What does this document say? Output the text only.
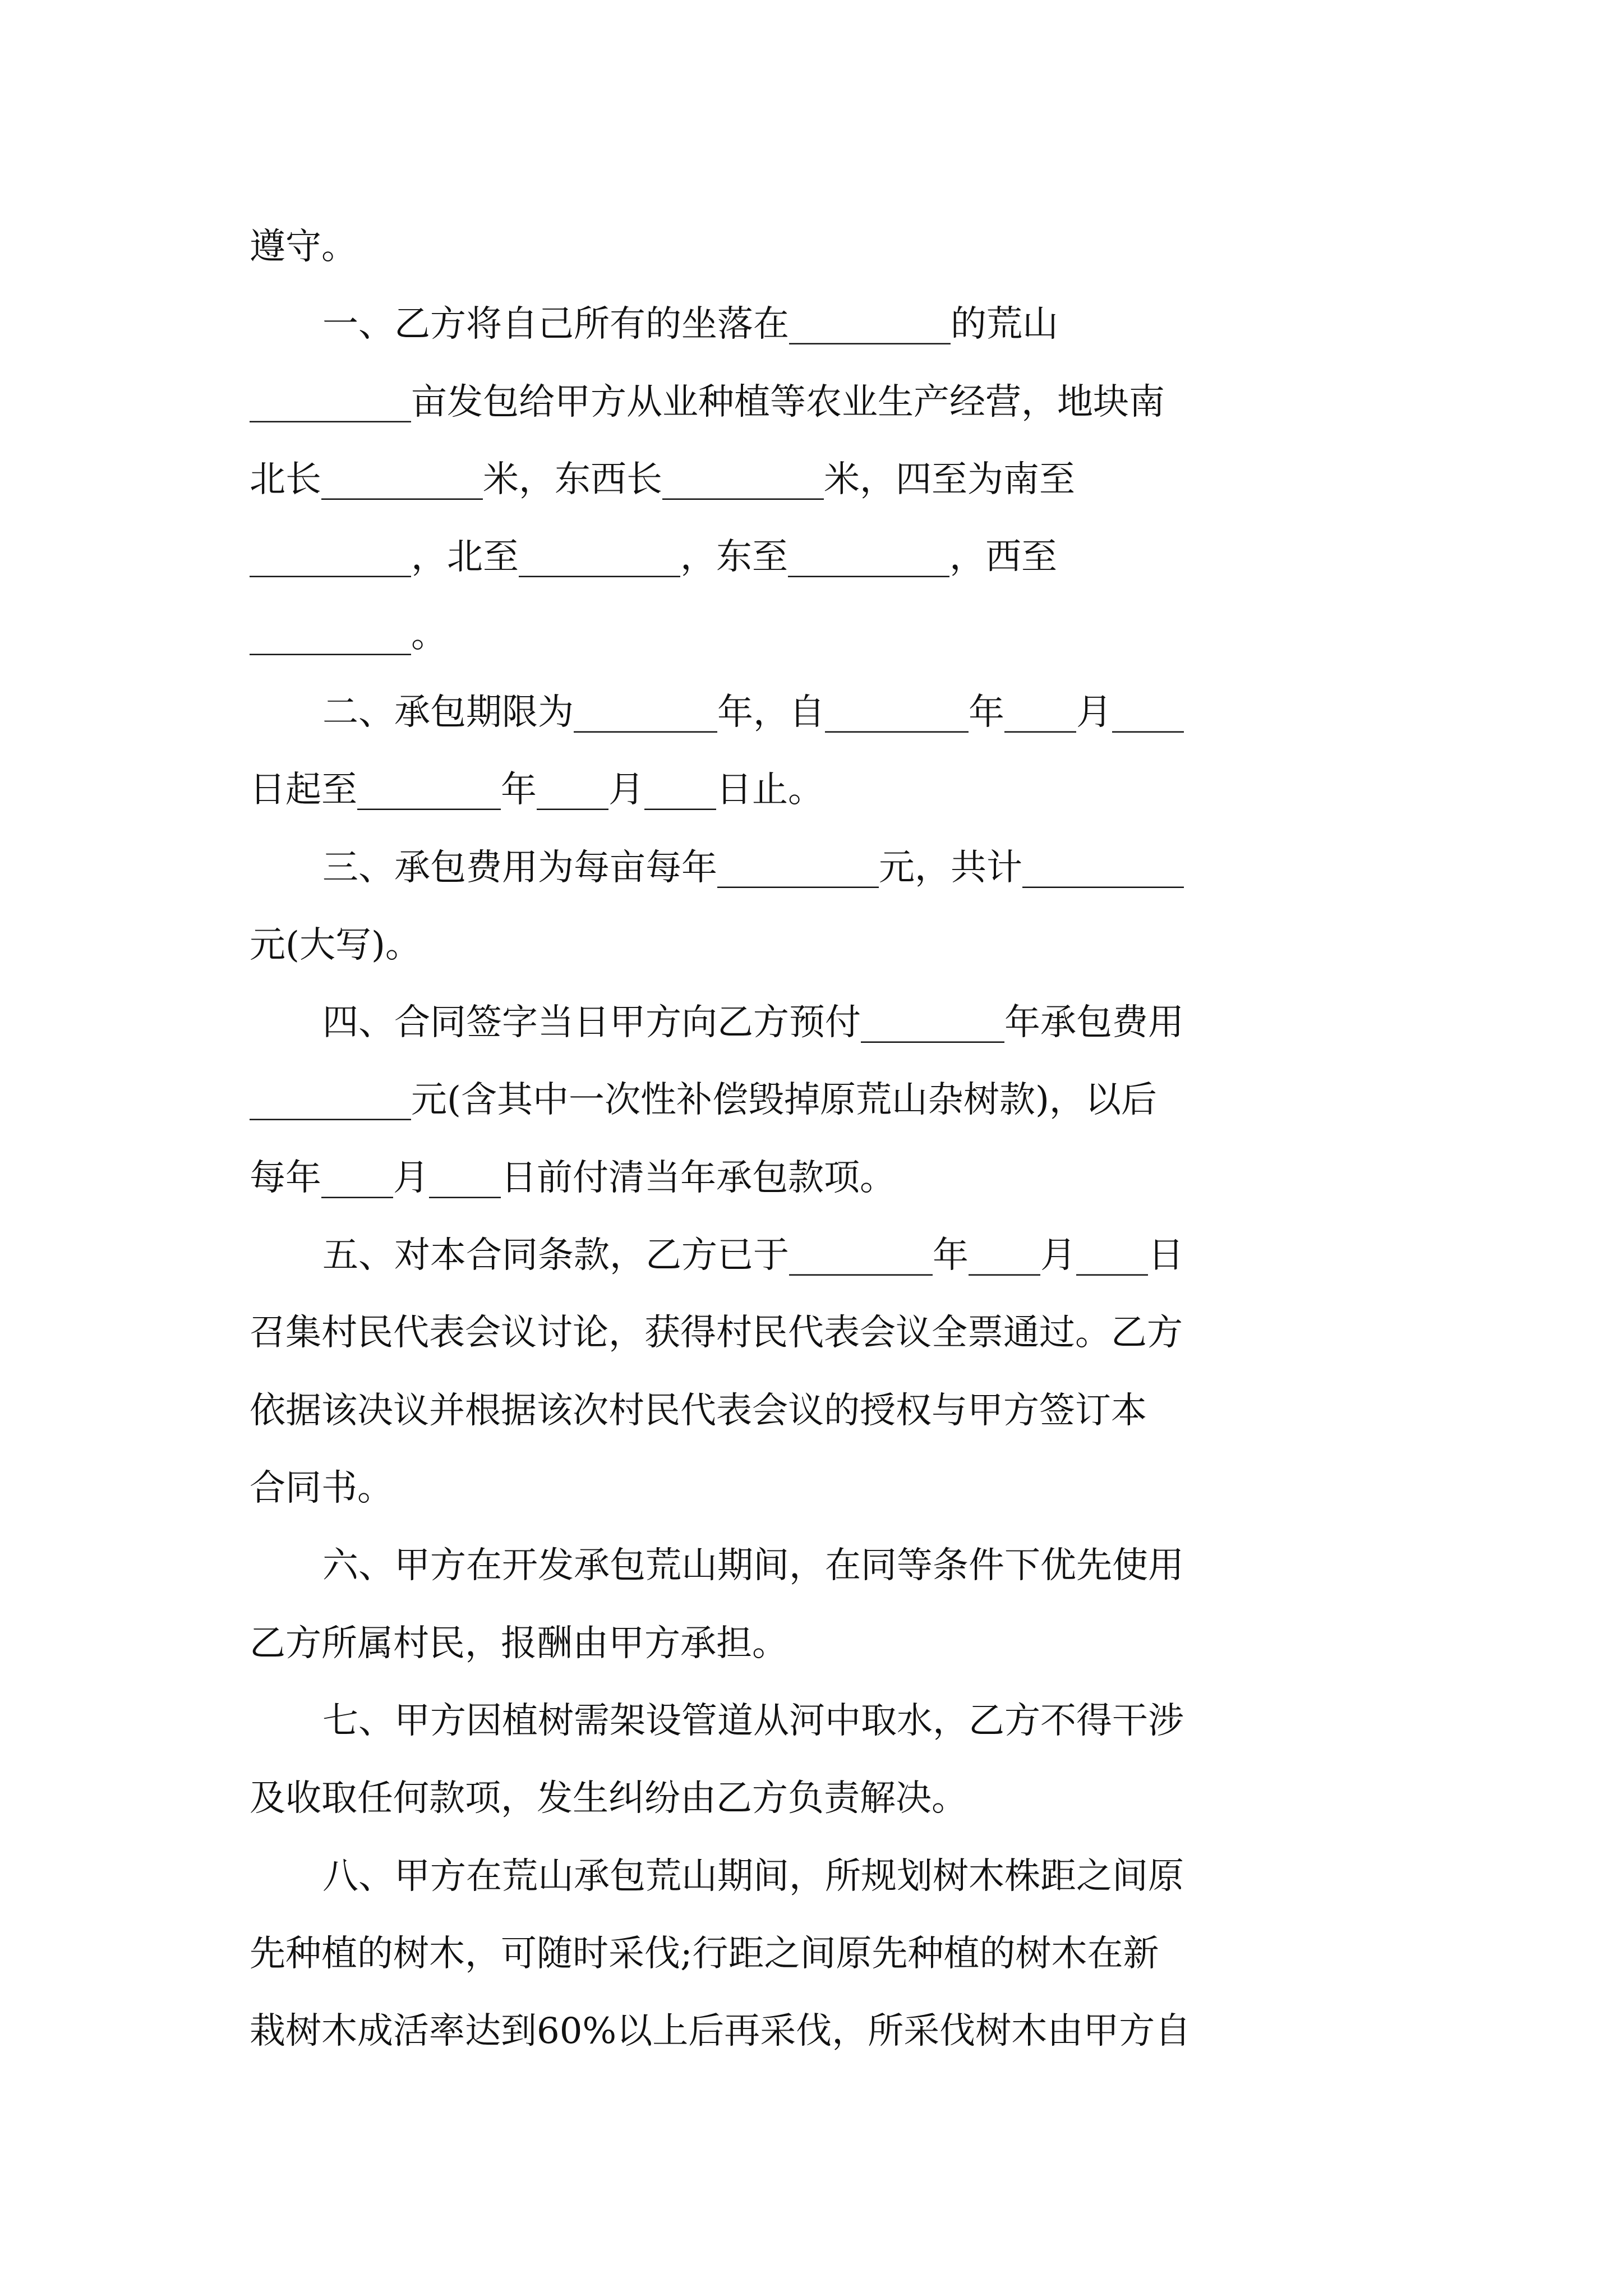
遵守。
一、乙方将自己所有的坐落在_________的荒山
_________亩发包给甲方从业种植等农业生产经营，地块南
北长_________米，东西长_________米，四至为南至
_________，北至_________，东至_________，西至
_________。
二、承包期限为________年，自________年____月____
日起至________年____月____日止。
三、承包费用为每亩每年_________元，共计_________
元(大写)。
四、合同签字当日甲方向乙方预付________年承包费用
_________元(含其中一次性补偿毁掉原荒山杂树款)，以后
每年____月____日前付清当年承包款项。
五、对本合同条款，乙方已于________年____月____日
召集村民代表会议讨论，获得村民代表会议全票通过。乙方
依据该决议并根据该次村民代表会议的授权与甲方签订本
合同书。
六、甲方在开发承包荒山期间，在同等条件下优先使用
乙方所属村民，报酬由甲方承担。
七、甲方因植树需架设管道从河中取水，乙方不得干涉
及收取任何款项，发生纠纷由乙方负责解决。
八、甲方在荒山承包荒山期间，所规划树木株距之间原
先种植的树木，可随时采伐;行距之间原先种植的树木在新
栽树木成活率达到60%以上后再采伐，所采伐树木由甲方自
